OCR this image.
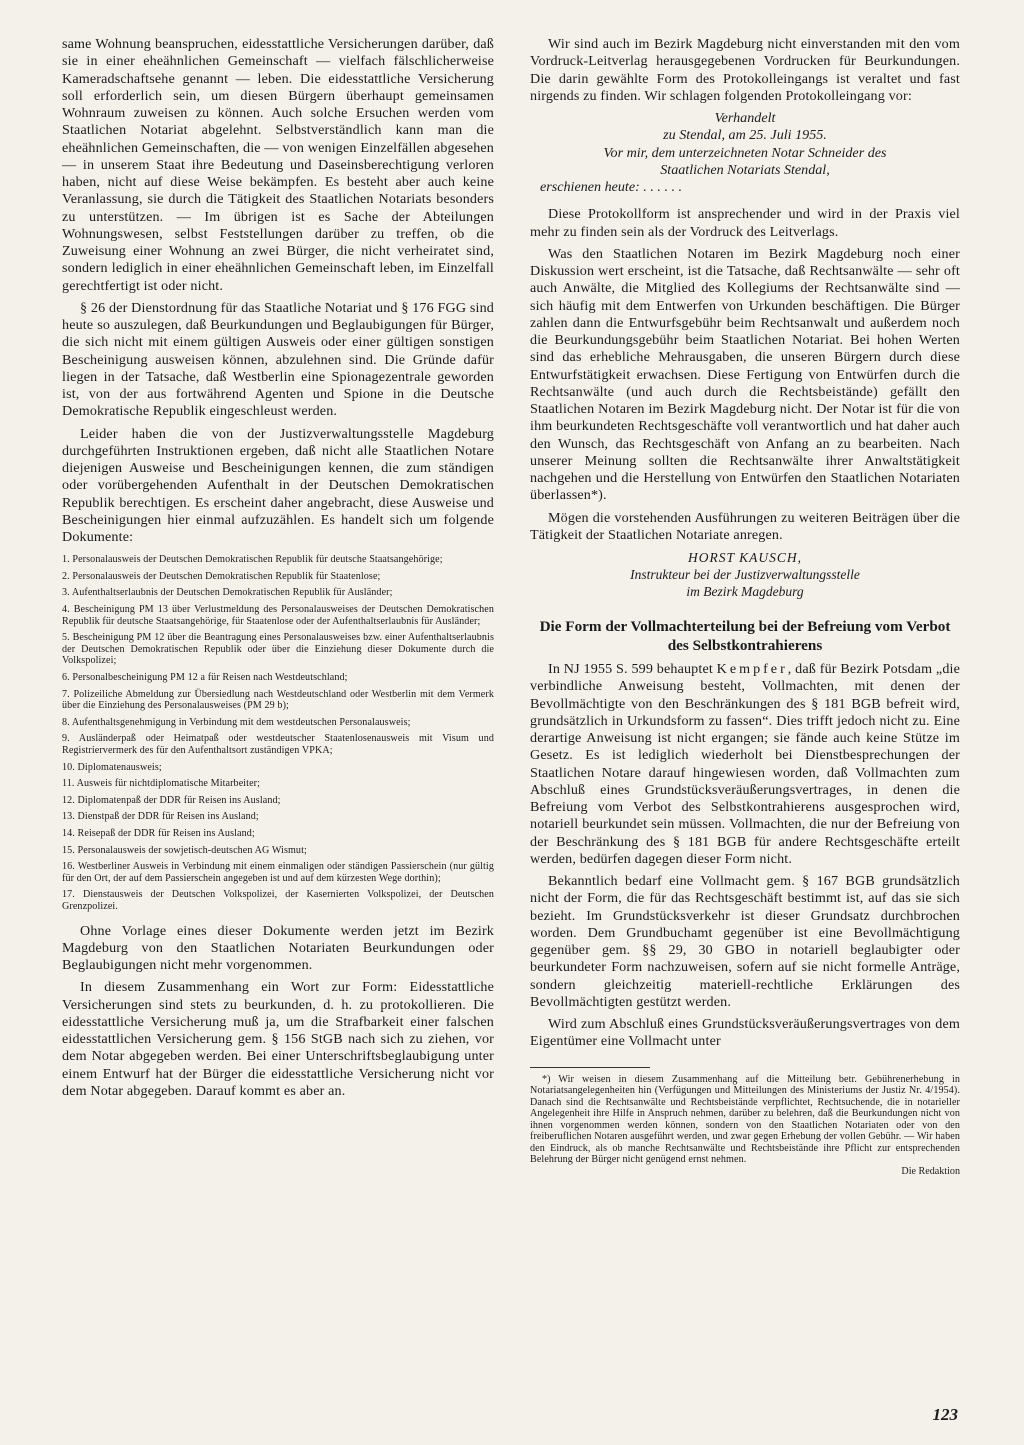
same Wohnung beanspruchen, eidesstattliche Versicherungen darüber, daß sie in einer eheähnlichen Gemeinschaft — vielfach fälschlicherweise Kameradschaftsehe genannt — leben. Die eidesstattliche Versicherung soll erforderlich sein, um diesen Bürgern überhaupt gemeinsamen Wohnraum zuweisen zu können. Auch solche Ersuchen werden vom Staatlichen Notariat abgelehnt. Selbstverständlich kann man die eheähnlichen Gemeinschaften, die — von wenigen Einzelfällen abgesehen — in unserem Staat ihre Bedeutung und Daseinsberechtigung verloren haben, nicht auf diese Weise bekämpfen. Es besteht aber auch keine Veranlassung, sie durch die Tätigkeit des Staatlichen Notariats besonders zu unterstützen. — Im übrigen ist es Sache der Abteilungen Wohnungswesen, selbst Feststellungen darüber zu treffen, ob die Zuweisung einer Wohnung an zwei Bürger, die nicht verheiratet sind, sondern lediglich in einer eheähnlichen Gemeinschaft leben, im Einzelfall gerechtfertigt ist oder nicht.

§ 26 der Dienstordnung für das Staatliche Notariat und § 176 FGG sind heute so auszulegen, daß Beurkundungen und Beglaubigungen für Bürger, die sich nicht mit einem gültigen Ausweis oder einer gültigen sonstigen Bescheinigung ausweisen können, abzulehnen sind. Die Gründe dafür liegen in der Tatsache, daß Westberlin eine Spionagezentrale geworden ist, von der aus fortwährend Agenten und Spione in die Deutsche Demokratische Republik eingeschleust werden.

Leider haben die von der Justizverwaltungsstelle Magdeburg durchgeführten Instruktionen ergeben, daß nicht alle Staatlichen Notare diejenigen Ausweise und Bescheinigungen kennen, die zum ständigen oder vorübergehenden Aufenthalt in der Deutschen Demokratischen Republik berechtigen. Es erscheint daher angebracht, diese Ausweise und Bescheinigungen hier einmal aufzuzählen. Es handelt sich um folgende Dokumente:

1. Personalausweis der Deutschen Demokratischen Republik für deutsche Staatsangehörige;
2. Personalausweis der Deutschen Demokratischen Republik für Staatenlose;
3. Aufenthaltserlaubnis der Deutschen Demokratischen Republik für Ausländer;
4. Bescheinigung PM 13 über Verlustmeldung des Personalausweises der Deutschen Demokratischen Republik für deutsche Staatsangehörige, für Staatenlose oder der Aufenthaltserlaubnis für Ausländer;
5. Bescheinigung PM 12 über die Beantragung eines Personalausweises bzw. einer Aufenthaltserlaubnis der Deutschen Demokratischen Republik oder über die Einziehung dieser Dokumente durch die Volkspolizei;
6. Personalbescheinigung PM 12 a für Reisen nach Westdeutschland;
7. Polizeiliche Abmeldung zur Übersiedlung nach Westdeutschland oder Westberlin mit dem Vermerk über die Einziehung des Personalausweises (PM 29 b);
8. Aufenthaltsgenehmigung in Verbindung mit dem westdeutschen Personalausweis;
9. Ausländerpaß oder Heimatpaß oder westdeutscher Staatenlosenausweis mit Visum und Registriervermerk des für den Aufenthaltsort zuständigen VPKA;
10. Diplomatenausweis;
11. Ausweis für nichtdiplomatische Mitarbeiter;
12. Diplomatenpaß der DDR für Reisen ins Ausland;
13. Dienstpaß der DDR für Reisen ins Ausland;
14. Reisepaß der DDR für Reisen ins Ausland;
15. Personalausweis der sowjetisch-deutschen AG Wismut;
16. Westberliner Ausweis in Verbindung mit einem einmaligen oder ständigen Passierschein (nur gültig für den Ort, der auf dem Passierschein angegeben ist und auf dem kürzesten Wege dorthin);
17. Dienstausweis der Deutschen Volkspolizei, der Kasernierten Volkspolizei, der Deutschen Grenzpolizei.

Ohne Vorlage eines dieser Dokumente werden jetzt im Bezirk Magdeburg von den Staatlichen Notariaten Beurkundungen oder Beglaubigungen nicht mehr vorgenommen.

In diesem Zusammenhang ein Wort zur Form: Eidesstattliche Versicherungen sind stets zu beurkunden, d. h. zu protokollieren. Die eidesstattliche Versicherung muß ja, um die Strafbarkeit einer falschen eidesstattlichen Versicherung gem. § 156 StGB nach sich zu ziehen, vor dem Notar abgegeben werden. Bei einer Unterschriftsbeglaubigung unter einem Entwurf hat der Bürger die eidesstattliche Versicherung nicht vor dem Notar abgegeben. Darauf kommt es aber an.

Wir sind auch im Bezirk Magdeburg nicht einverstanden mit den vom Vordruck-Leitverlag herausgegebenen Vordrucken für Beurkundungen. Die darin gewählte Form des Protokolleingangs ist veraltet und fast nirgends zu finden. Wir schlagen folgenden Protokolleingang vor:

Verhandelt

zu Stendal, am 25. Juli 1955.

Vor mir, dem unterzeichneten Notar Schneider des

Staatlichen Notariats Stendal,

erschienen heute: . . . . . .

Diese Protokollform ist ansprechender und wird in der Praxis viel mehr zu finden sein als der Vordruck des Leitverlags.

Was den Staatlichen Notaren im Bezirk Magdeburg noch einer Diskussion wert erscheint, ist die Tatsache, daß Rechtsanwälte — sehr oft auch Anwälte, die Mitglied des Kollegiums der Rechtsanwälte sind — sich häufig mit dem Entwerfen von Urkunden beschäftigen. Die Bürger zahlen dann die Entwurfsgebühr beim Rechtsanwalt und außerdem noch die Beurkundungsgebühr beim Staatlichen Notariat. Bei hohen Werten sind das erhebliche Mehrausgaben, die unseren Bürgern durch diese Entwurfstätigkeit erwachsen. Diese Fertigung von Entwürfen durch die Rechtsanwälte (und auch durch die Rechtsbeistände) gefällt den Staatlichen Notaren im Bezirk Magdeburg nicht. Der Notar ist für die von ihm beurkundeten Rechtsgeschäfte voll verantwortlich und hat daher auch den Wunsch, das Rechtsgeschäft von Anfang an zu bearbeiten. Nach unserer Meinung sollten die Rechtsanwälte ihrer Anwaltstätigkeit nachgehen und die Herstellung von Entwürfen den Staatlichen Notariaten überlassen*).

Mögen die vorstehenden Ausführungen zu weiteren Beiträgen über die Tätigkeit der Staatlichen Notariate anregen.

HORST KAUSCH,
Instrukteur bei der Justizverwaltungsstelle
im Bezirk Magdeburg
Die Form der Vollmachterteilung bei der Befreiung vom Verbot des Selbstkontrahierens

In NJ 1955 S. 599 behauptet Kempfer, daß für Bezirk Potsdam „die verbindliche Anweisung besteht, Vollmachten, mit denen der Bevollmächtigte von den Beschränkungen des § 181 BGB befreit wird, grundsätzlich in Urkundsform zu fassen“. Dies trifft jedoch nicht zu. Eine derartige Anweisung ist nicht ergangen; sie fände auch keine Stütze im Gesetz. Es ist lediglich wiederholt bei Dienstbesprechungen der Staatlichen Notare darauf hingewiesen worden, daß Vollmachten zum Abschluß eines Grundstücksveräußerungsvertrages, in denen die Befreiung vom Verbot des Selbstkontrahierens ausgesprochen wird, notariell beurkundet sein müssen. Vollmachten, die nur der Befreiung von der Beschränkung des § 181 BGB für andere Rechtsgeschäfte erteilt werden, bedürfen dagegen dieser Form nicht.

Bekanntlich bedarf eine Vollmacht gem. § 167 BGB grundsätzlich nicht der Form, die für das Rechtsgeschäft bestimmt ist, auf das sie sich bezieht. Im Grundstücksverkehr ist dieser Grundsatz durchbrochen worden. Dem Grundbuchamt gegenüber ist eine Bevollmächtigung gegenüber gem. §§ 29, 30 GBO in notariell beglaubigter oder beurkundeter Form nachzuweisen, sofern auf sie nicht formelle Anträge, sondern gleichzeitig materiell-rechtliche Erklärungen des Bevollmächtigten gestützt werden.

Wird zum Abschluß eines Grundstücksveräußerungsvertrages von dem Eigentümer eine Vollmacht unter

*) Wir weisen in diesem Zusammenhang auf die Mitteilung betr. Gebührenerhebung in Notariatsangelegenheiten hin (Verfügungen und Mitteilungen des Ministeriums der Justiz Nr. 4/1954). Danach sind die Rechtsanwälte und Rechtsbeistände verpflichtet, Rechtsuchende, die in notarieller Angelegenheit ihre Hilfe in Anspruch nehmen, darüber zu belehren, daß die Beurkundungen nicht von ihnen vorgenommen werden können, sondern von den Staatlichen Notariaten oder von den freiberuflichen Notaren ausgeführt werden, und zwar gegen Erhebung der vollen Gebühr. — Wir haben den Eindruck, als ob manche Rechtsanwälte und Rechtsbeistände ihre Pflicht zur entsprechenden Belehrung der Bürger nicht genügend ernst nehmen.

Die Redaktion

123
